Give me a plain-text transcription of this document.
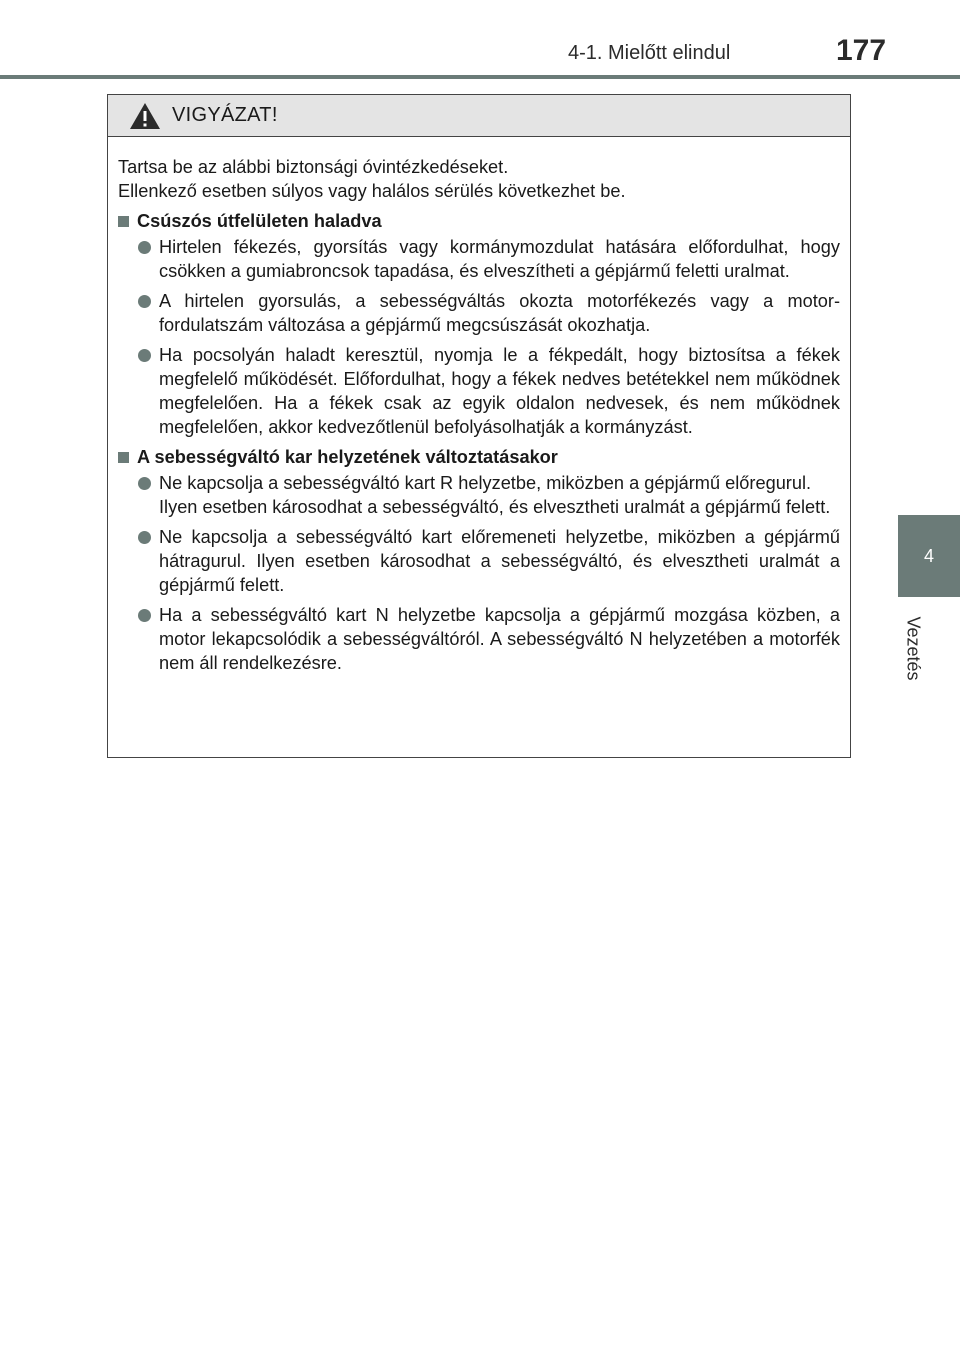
4-1. Mielőtt elindul	177
4
Vezetés
VIGYÁZAT!
Tartsa be az alábbi biztonsági óvintézkedéseket.
Ellenkező esetben súlyos vagy halálos sérülés következhet be.
Csúszós útfelületen haladva
Hirtelen fékezés, gyorsítás vagy kormánymozdulat hatására előfordulhat, hogy csökken a gumiabroncsok tapadása, és elveszítheti a gépjármű feletti uralmat.
A hirtelen gyorsulás, a sebességváltás okozta motorfékezés vagy a motor-fordulatszám változása a gépjármű megcsúszását okozhatja.
Ha pocsolyán haladt keresztül, nyomja le a fékpedált, hogy biztosítsa a fékek megfelelő működését. Előfordulhat, hogy a fékek nedves betétekkel nem működnek megfelelően. Ha a fékek csak az egyik oldalon nedvesek, és nem működnek megfelelően, akkor kedvezőtlenül befolyásolhatják a kormányzást.
A sebességváltó kar helyzetének változtatásakor
Ne kapcsolja a sebességváltó kart R helyzetbe, miközben a gépjármű előregurul.
Ilyen esetben károsodhat a sebességváltó, és elvesztheti uralmát a gépjármű felett.
Ne kapcsolja a sebességváltó kart előremeneti helyzetbe, miközben a gépjármű hátragurul. Ilyen esetben károsodhat a sebességváltó, és elvesztheti uralmát a gépjármű felett.
Ha a sebességváltó kart N helyzetbe kapcsolja a gépjármű mozgása közben, a motor lekapcsolódik a sebességváltóról. A sebességváltó N helyzetében a motorfék nem áll rendelkezésre.
